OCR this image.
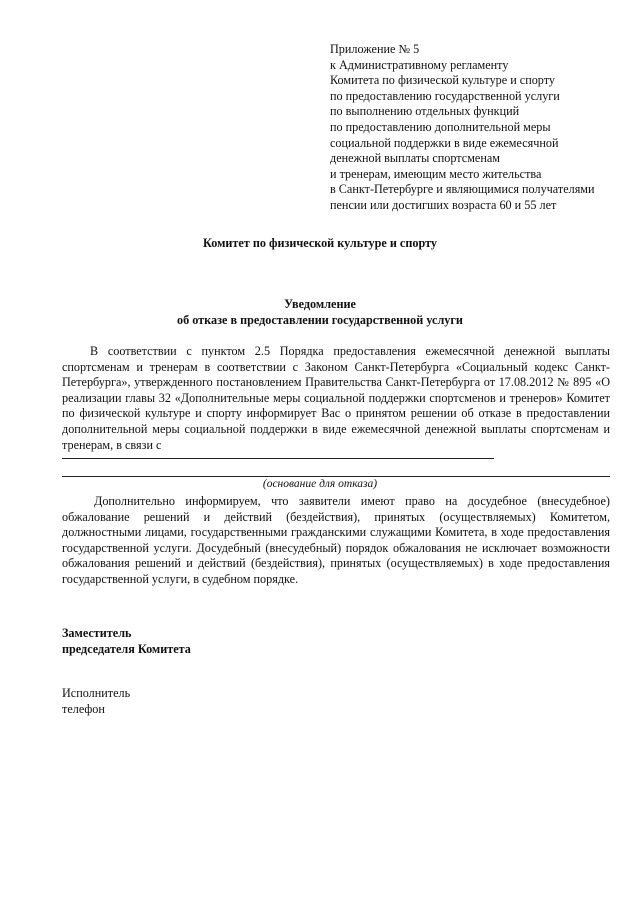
Приложение № 5
к Административному регламенту
Комитета по физической культуре и спорту
по предоставлению государственной услуги
по выполнению отдельных функций
по предоставлению дополнительной меры
социальной поддержки в виде ежемесячной
денежной выплаты спортсменам
и тренерам, имеющим место жительства
в Санкт-Петербурге и являющимися получателями
пенсии или достигших возраста 60 и 55 лет
Комитет по физической культуре и спорту
Уведомление
об отказе в предоставлении государственной услуги
В соответствии с пунктом 2.5 Порядка предоставления ежемесячной денежной выплаты спортсменам и тренерам в соответствии с Законом Санкт-Петербурга «Социальный кодекс Санкт-Петербурга», утвержденного постановлением Правительства Санкт-Петербурга от 17.08.2012 № 895 «О реализации главы 32 «Дополнительные меры социальной поддержки спортсменов и тренеров» Комитет по физической культуре и спорту информирует Вас о принятом решении об отказе в предоставлении дополнительной меры социальной поддержки в виде ежемесячной денежной выплаты спортсменам и тренерам, в связи с
(основание для отказа)
Дополнительно информируем, что заявители имеют право на досудебное (внесудебное) обжалование решений и действий (бездействия), принятых (осуществляемых) Комитетом, должностными лицами, государственными гражданскими служащими Комитета, в ходе предоставления государственной услуги. Досудебный (внесудебный) порядок обжалования не исключает возможности обжалования решений и действий (бездействия), принятых (осуществляемых) в ходе предоставления государственной услуги, в судебном порядке.
Заместитель
председателя Комитета
Исполнитель
телефон
